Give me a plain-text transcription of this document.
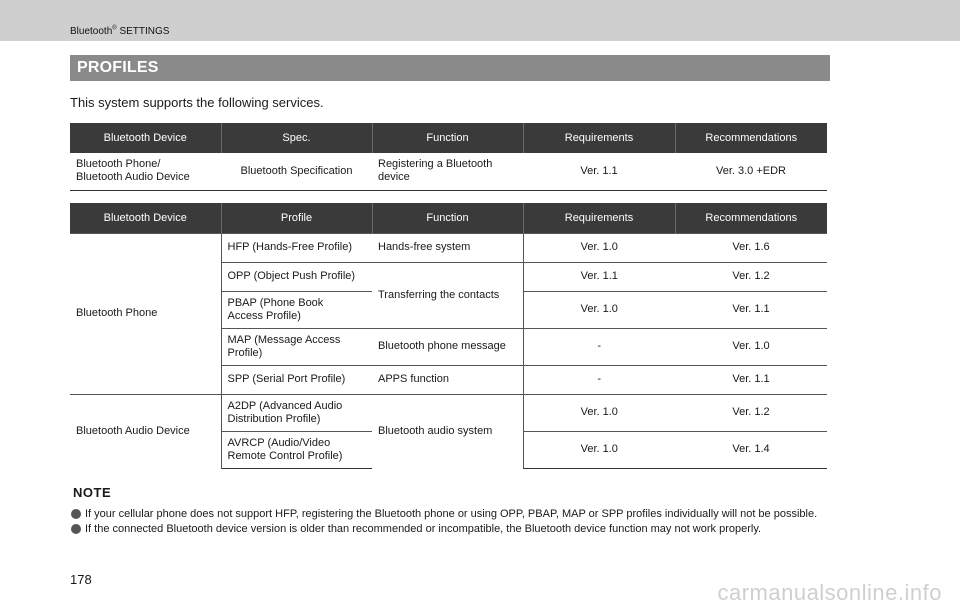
Bluetooth® SETTINGS
PROFILES

This system supports the following services.

Bluetooth Device	Spec.	Function	Requirements	Recommendations
Bluetooth Phone/
Bluetooth Audio Device	Bluetooth Specification	Registering a Bluetooth
device	Ver. 1.1	Ver. 3.0 +EDR
Bluetooth Device	Profile	Function	Requirements	Recommendations
Bluetooth Phone	HFP (Hands-Free Profile)	Hands-free system	Ver. 1.0	Ver. 1.6
	OPP (Object Push Profile)	Transferring the contacts	Ver. 1.1	Ver. 1.2
	PBAP (Phone Book
Access Profile)		Ver. 1.0	Ver. 1.1
	MAP (Message Access
Profile)	Bluetooth phone message	-	Ver. 1.0
	SPP (Serial Port Profile)	APPS function	-	Ver. 1.1
Bluetooth Audio Device	A2DP (Advanced Audio
Distribution Profile)	Bluetooth audio system	Ver. 1.0	Ver. 1.2
	AVRCP (Audio/Video
Remote Control Profile)		Ver. 1.0	Ver. 1.4
NOTE
If your cellular phone does not support HFP, registering the Bluetooth phone or using OPP, PBAP, MAP or SPP profiles individually will not be possible.
If the connected Bluetooth device version is older than recommended or incompatible, the Bluetooth device function may not work properly.
178
carmanualsonline.info
